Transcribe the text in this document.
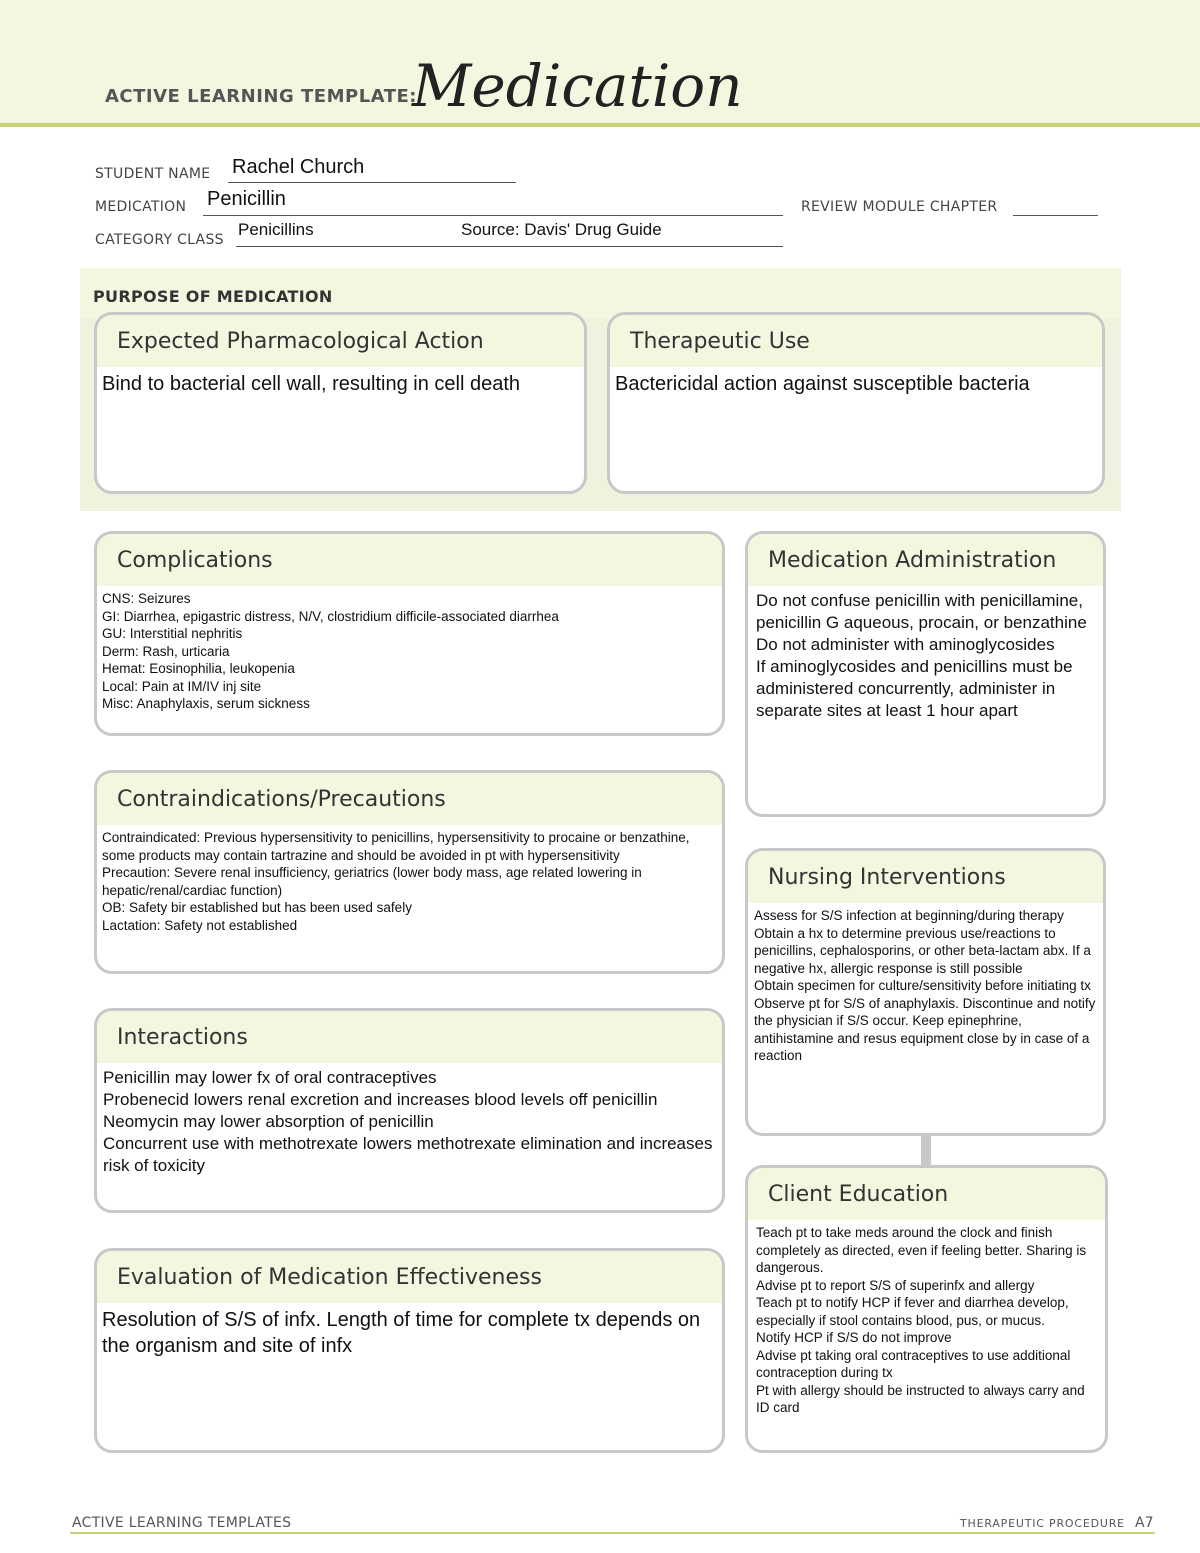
ACTIVE LEARNING TEMPLATE:
Medication
STUDENT NAME Rachel Church
MEDICATION Penicillin	REVIEW MODULE CHAPTER
CATEGORY CLASS
Penicillins	Source: Davis' Drug Guide
PURPOSE OF MEDICATION
Expected Pharmacological Action
Bind to bacterial cell wall, resulting in cell death
Therapeutic Use
Bactericidal action against susceptible bacteria
Complications
CNS: Seizures
GI: Diarrhea, epigastric distress, N/V, clostridium difficile-associated diarrhea
GU: Interstitial nephritis
Derm: Rash, urticaria
Hemat: Eosinophilia, leukopenia
Local: Pain at IM/IV inj site
Misc: Anaphylaxis, serum sickness
Medication Administration
Do not confuse penicillin with penicillamine, penicillin G aqueous, procain, or benzathine
Do not administer with aminoglycosides
If aminoglycosides and penicillins must be administered concurrently, administer in separate sites at least 1 hour apart
Contraindications/Precautions
Contraindicated: Previous hypersensitivity to penicillins, hypersensitivity to procaine or benzathine, some products may contain tartrazine and should be avoided in pt with hypersensitivity
Precaution: Severe renal insufficiency, geriatrics (lower body mass, age related lowering in hepatic/renal/cardiac function)
OB: Safety bir established but has been used safely
Lactation: Safety not established
Nursing Interventions
Assess for S/S infection at beginning/during therapy
Obtain a hx to determine previous use/reactions to penicillins, cephalosporins, or other beta-lactam abx. If a negative hx, allergic response is still possible
Obtain specimen for culture/sensitivity before initiating tx
Observe pt for S/S of anaphylaxis. Discontinue and notify the physician if S/S occur. Keep epinephrine, antihistamine and resus equipment close by in case of a reaction
Interactions
Penicillin may lower fx of oral contraceptives
Probenecid lowers renal excretion and increases blood levels off penicillin
Neomycin may lower absorption of penicillin
Concurrent use with methotrexate lowers methotrexate elimination and increases risk of toxicity
Client Education
Teach pt to take meds around the clock and finish completely as directed, even if feeling better. Sharing is dangerous.
Advise pt to report S/S of superinfx and allergy
Teach pt to notify HCP if fever and diarrhea develop, especially if stool contains blood, pus, or mucus.
Notify HCP if S/S do not improve
Advise pt taking oral contraceptives to use additional contraception during tx
Pt with allergy should be instructed to always carry and ID card
Evaluation of Medication Effectiveness
Resolution of S/S of infx. Length of time for complete tx depends on the organism and site of infx
ACTIVE LEARNING TEMPLATES	THERAPEUTIC PROCEDURE A7
